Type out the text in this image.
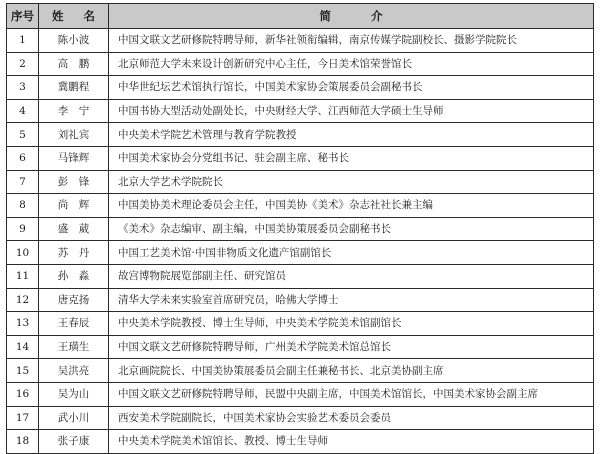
序号	姓 名	简 介
1	陈小波	中国文联文艺研修院特聘导师，新华社领衔编辑，南京传媒学院副校长、摄影学院院长
2	高　鹏	北京师范大学未来设计创新研究中心主任，今日美术馆荣誉馆长
3	冀鹏程	中华世纪坛艺术馆执行馆长，中国美术家协会策展委员会副秘书长
4	李　宁	中国书协大型活动处副处长，中央财经大学、江西师范大学硕士生导师
5	刘礼宾	中央美术学院艺术管理与教育学院教授
6	马锋辉	中国美术家协会分党组书记、驻会副主席、秘书长
7	彭　锋	北京大学艺术学院院长
8	尚　辉	中国美协美术理论委员会主任，中国美协《美术》杂志社社长兼主编
9	盛　葳	《美术》杂志编审、副主编，中国美协策展委员会副秘书长
10	苏　丹	中国工艺美术馆·中国非物质文化遗产馆副馆长
11	孙　淼	故宫博物院展览部副主任、研究馆员
12	唐克扬	清华大学未来实验室首席研究员，哈佛大学博士
13	王春辰	中央美术学院教授、博士生导师，中央美术学院美术馆副馆长
14	王璜生	中国文联文艺研修院特聘导师，广州美术学院美术馆总馆长
15	吴洪亮	北京画院院长、中国美协策展委员会副主任兼秘书长、北京美协副主席
16	吴为山	中国文联文艺研修院特聘导师，民盟中央副主席，中国美术馆馆长，中国美术家协会副主席
17	武小川	西安美术学院副院长，中国美术家协会实验艺术委员会委员
18	张子康	中央美术学院美术馆馆长、教授、博士生导师
